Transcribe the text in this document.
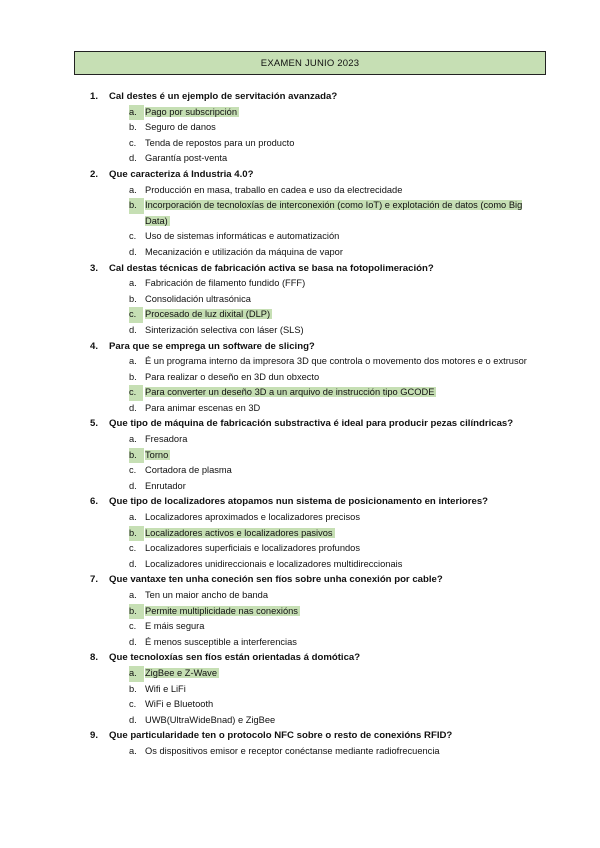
EXAMEN JUNIO 2023
1. Cal destes é un ejemplo de servitación avanzada?
a. Pago por subscripción
b. Seguro de danos
c. Tenda de repostos para un producto
d. Garantía post-venta
2. Que caracteriza á Industria 4.0?
a. Producción en masa, traballo en cadea e uso da electrecidade
b. Incorporación de tecnoloxías de interconexión (como IoT) e explotación de datos (como Big Data)
c. Uso de sistemas informáticas e automatización
d. Mecanización e utilización da máquina de vapor
3. Cal destas técnicas de fabricación activa se basa na fotopolimeración?
a. Fabricación de filamento fundido (FFF)
b. Consolidación ultrasónica
c. Procesado de luz dixital (DLP)
d. Sinterización selectiva con láser (SLS)
4. Para que se emprega un software de slicing?
a. É un programa interno da impresora 3D que controla o movemento dos motores e o extrusor
b. Para realizar o deseño en 3D dun obxecto
c. Para converter un deseño 3D a un arquivo de instrucción tipo GCODE
d. Para animar escenas en 3D
5. Que tipo de máquina de fabricación substractiva é ideal para producir pezas cilíndricas?
a. Fresadora
b. Torno
c. Cortadora de plasma
d. Enrutador
6. Que tipo de localizadores atopamos nun sistema de posicionamento en interiores?
a. Localizadores aproximados e localizadores precisos
b. Localizadores activos e localizadores pasivos
c. Localizadores superficiais e localizadores profundos
d. Localizadores unidireccionais e localizadores multidireccionais
7. Que vantaxe ten unha coneción sen fíos sobre unha conexión por cable?
a. Ten un maior ancho de banda
b. Permite multiplicidade nas conexións
c. E máis segura
d. É menos susceptible a interferencias
8. Que tecnoloxías sen fíos están orientadas á domótica?
a. ZigBee e Z-Wave
b. Wifi e LiFi
c. WiFi e Bluetooth
d. UWB(UltraWideBnad) e ZigBee
9. Que particularidade ten o protocolo NFC sobre o resto de conexións RFID?
a. Os dispositivos emisor e receptor conéctanse mediante radiofrecuencia
